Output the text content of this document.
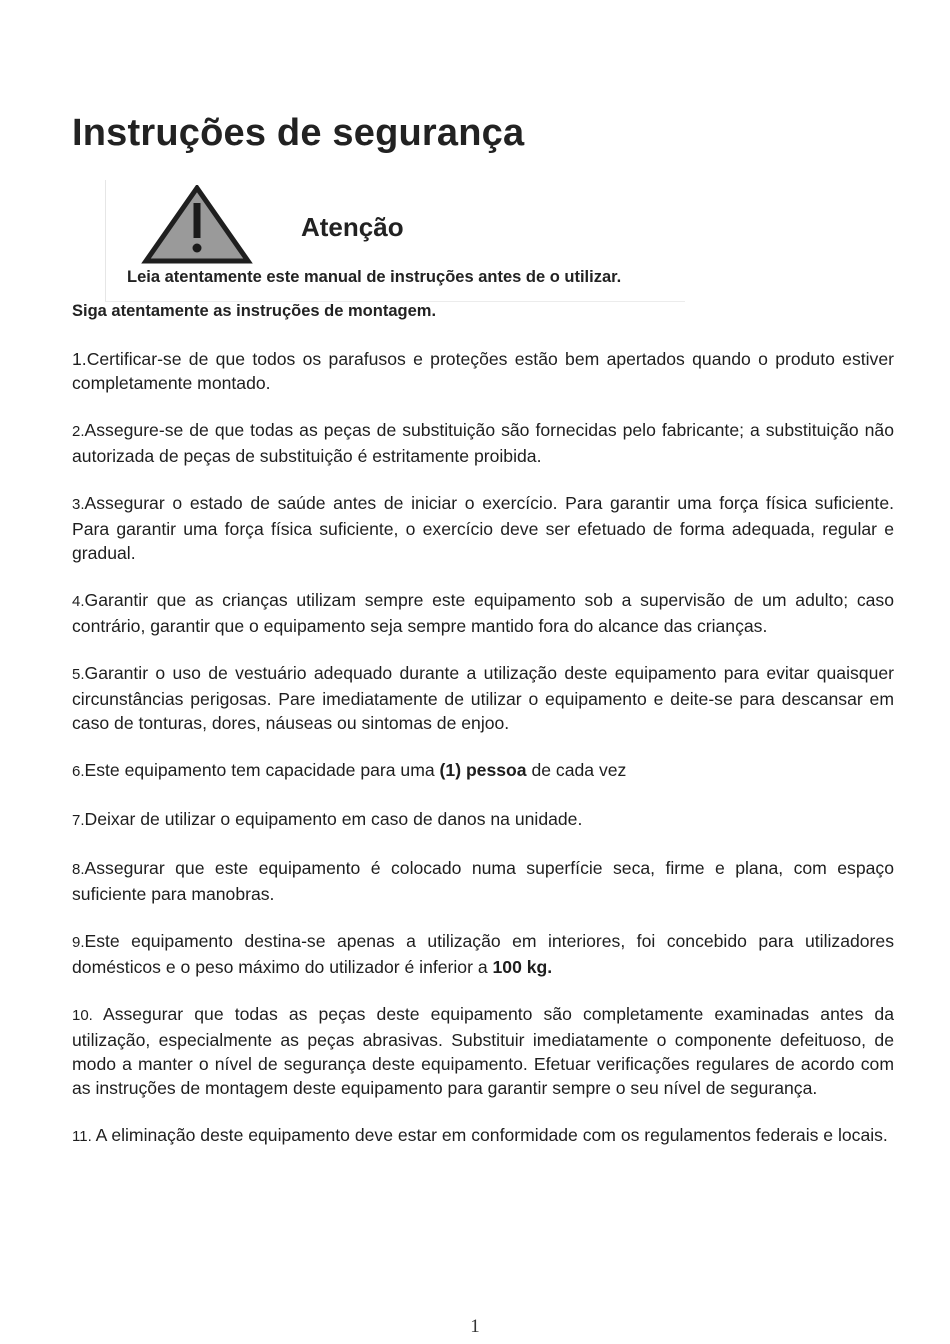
Instruções de segurança
Atenção

Leia atentamente este manual de instruções antes de o utilizar.

Siga atentamente as instruções de montagem.

1.Certificar-se de que todos os parafusos e proteções estão bem apertados quando o produto estiver completamente montado.
2.Assegure-se de que todas as peças de substituição são fornecidas pelo fabricante; a substituição não autorizada de peças de substituição é estritamente proibida.
3.Assegurar o estado de saúde antes de iniciar o exercício. Para garantir uma força física suficiente. Para garantir uma força física suficiente, o exercício deve ser efetuado de forma adequada, regular e gradual.
4.Garantir que as crianças utilizam sempre este equipamento sob a supervisão de um adulto; caso contrário, garantir que o equipamento seja sempre mantido fora do alcance das crianças.
5.Garantir o uso de vestuário adequado durante a utilização deste equipamento para evitar quaisquer circunstâncias perigosas. Pare imediatamente de utilizar o equipamento e deite-se para descansar em caso de tonturas, dores, náuseas ou sintomas de enjoo.
6.Este equipamento tem capacidade para uma (1) pessoa de cada vez
7.Deixar de utilizar o equipamento em caso de danos na unidade.
8.Assegurar que este equipamento é colocado numa superfície seca, firme e plana, com espaço suficiente para manobras.
9.Este equipamento destina-se apenas a utilização em interiores, foi concebido para utilizadores domésticos e o peso máximo do utilizador é inferior a 100 kg.
10. Assegurar que todas as peças deste equipamento são completamente examinadas antes da utilização, especialmente as peças abrasivas. Substituir imediatamente o componente defeituoso, de modo a manter o nível de segurança deste equipamento. Efetuar verificações regulares de acordo com as instruções de montagem deste equipamento para garantir sempre o seu nível de segurança.
11. A eliminação deste equipamento deve estar em conformidade com os regulamentos federais e locais.

1
